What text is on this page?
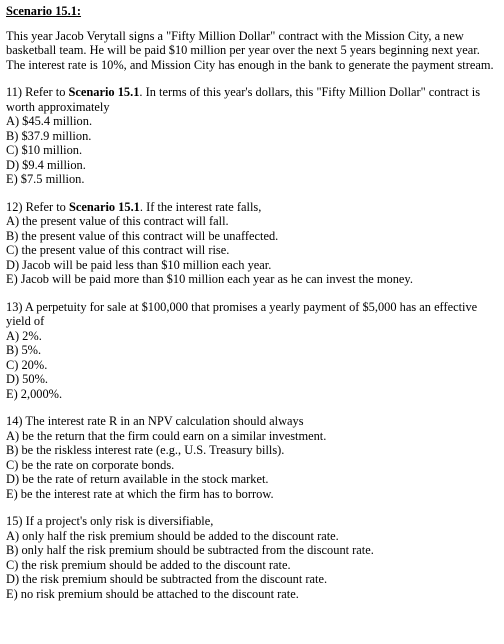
Scenario 15.1:
This year Jacob Verytall signs a "Fifty Million Dollar" contract with the Mission City, a new basketball team. He will be paid $10 million per year over the next 5 years beginning next year. The interest rate is 10%, and Mission City has enough in the bank to generate the payment stream.
11) Refer to Scenario 15.1. In terms of this year's dollars, this "Fifty Million Dollar" contract is worth approximately
A) $45.4 million.
B) $37.9 million.
C) $10 million.
D) $9.4 million.
E) $7.5 million.
12) Refer to Scenario 15.1. If the interest rate falls,
A) the present value of this contract will fall.
B) the present value of this contract will be unaffected.
C) the present value of this contract will rise.
D) Jacob will be paid less than $10 million each year.
E) Jacob will be paid more than $10 million each year as he can invest the money.
13) A perpetuity for sale at $100,000 that promises a yearly payment of $5,000 has an effective yield of
A) 2%.
B) 5%.
C) 20%.
D) 50%.
E) 2,000%.
14) The interest rate R in an NPV calculation should always
A) be the return that the firm could earn on a similar investment.
B) be the riskless interest rate (e.g., U.S. Treasury bills).
C) be the rate on corporate bonds.
D) be the rate of return available in the stock market.
E) be the interest rate at which the firm has to borrow.
15) If a project's only risk is diversifiable,
A) only half the risk premium should be added to the discount rate.
B) only half the risk premium should be subtracted from the discount rate.
C) the risk premium should be added to the discount rate.
D) the risk premium should be subtracted from the discount rate.
E) no risk premium should be attached to the discount rate.
